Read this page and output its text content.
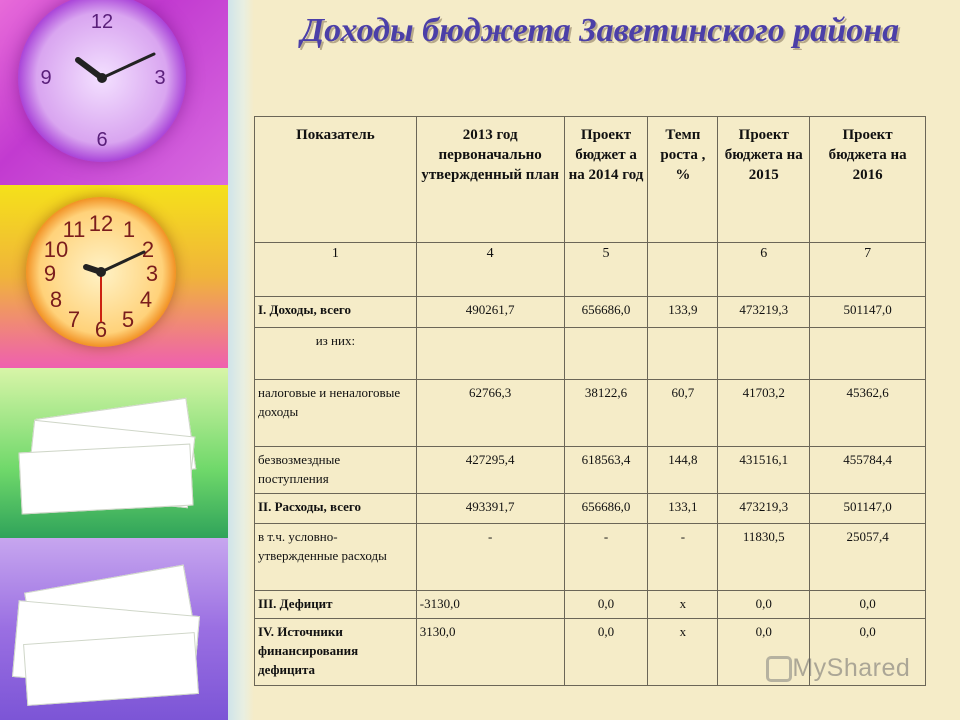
12
3
6
9
12 1
2
3
4
5
6
7
8
9
10
11
Доходы бюджета Заветинского района
Показатель	2013 год первоначально утвержденный план	Проект бюджет а на 2014 год	Темп роста , %	Проект бюджета на 2015	Проект бюджета на 2016
1	4	5		6	7
I. Доходы, всего	490261,7	656686,0	133,9	473219,3	501147,0
из них:					
налоговые и неналоговые доходы	62766,3	38122,6	60,7	41703,2	45362,6
безвозмездные поступления	427295,4	618563,4	144,8	431516,1	455784,4
II. Расходы, всего	493391,7	656686,0	133,1	473219,3	501147,0
в т.ч. условно-утвержденные расходы	-	-	-	11830,5	25057,4
III. Дефицит	-3130,0	0,0	х	0,0	0,0
IV. Источники финансирования дефицита	3130,0	0,0	х	0,0	0,0
MyShared
